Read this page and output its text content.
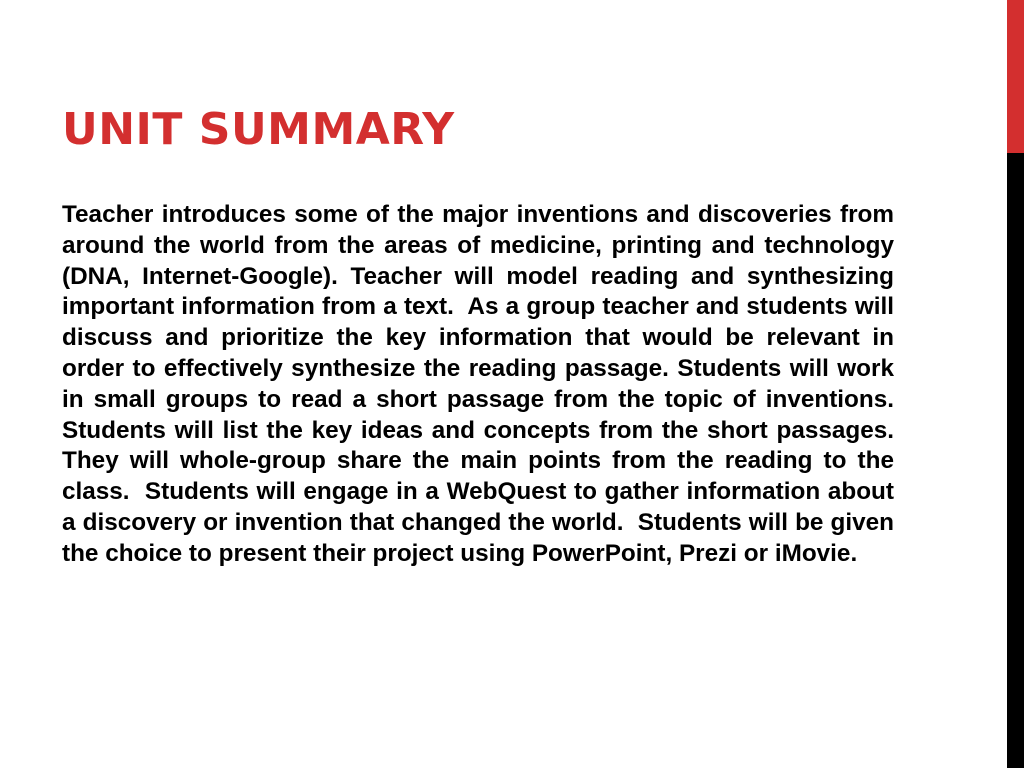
UNIT SUMMARY

Teacher introduces some of the major inventions and discoveries from around the world from the areas of medicine, printing and technology (DNA, Internet-Google). Teacher will model reading and synthesizing important information from a text.  As a group teacher and students will discuss and prioritize the key information that would be relevant in order to effectively synthesize the reading passage. Students will work in small groups to read a short passage from the topic of inventions.  Students will list the key ideas and concepts from the short passages.  They will whole-group share the main points from the reading to the class.  Students will engage in a WebQuest to gather information about a discovery or invention that changed the world.  Students will be given the choice to present their project using PowerPoint, Prezi or iMovie.
